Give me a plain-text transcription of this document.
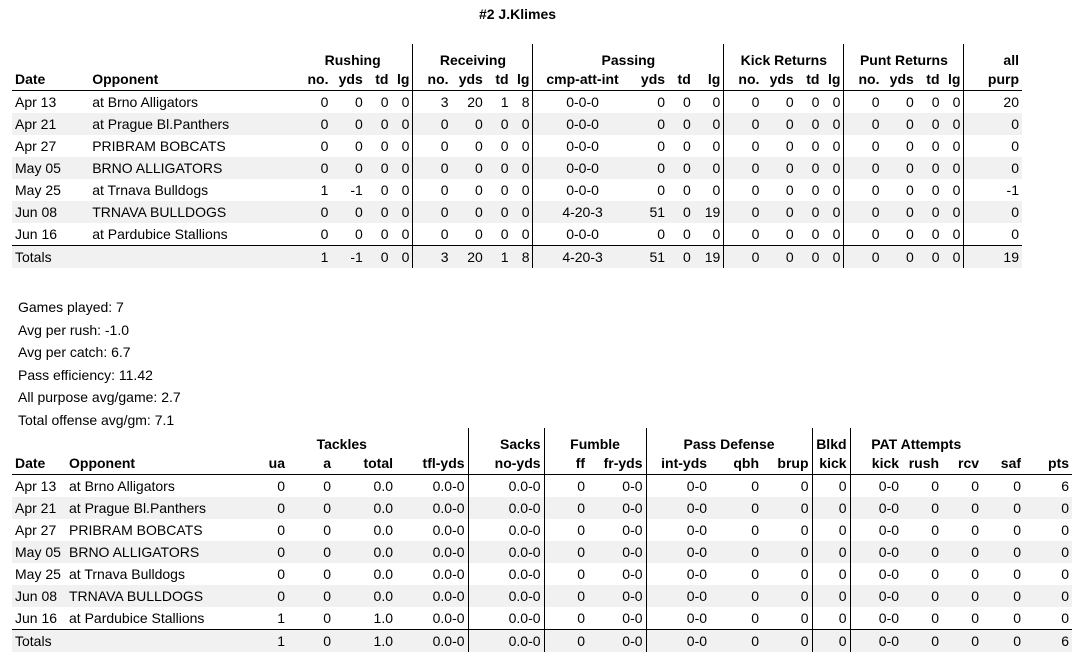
#2 J.Klimes
		Rushing				Receiving				Passing				Kick Returns				Punt Returns				all
Date	Opponent	no.	yds	td	lg	no.	yds	td	lg	cmp-att-int	yds	td	lg	no.	yds	td	lg	no.	yds	td	lg	purp
Apr 13	at Brno Alligators	0	0	0	0	3	20	1	8	0-0-0	0	0	0	0	0	0	0	0	0	0	0	20
Apr 21	at Prague Bl.Panthers	0	0	0	0	0	0	0	0	0-0-0	0	0	0	0	0	0	0	0	0	0	0	0
Apr 27	PRIBRAM BOBCATS	0	0	0	0	0	0	0	0	0-0-0	0	0	0	0	0	0	0	0	0	0	0	0
May 05	BRNO ALLIGATORS	0	0	0	0	0	0	0	0	0-0-0	0	0	0	0	0	0	0	0	0	0	0	0
May 25	at Trnava Bulldogs	1	-1	0	0	0	0	0	0	0-0-0	0	0	0	0	0	0	0	0	0	0	0	-1
Jun 08	TRNAVA BULLDOGS	0	0	0	0	0	0	0	0	4-20-3	51	0	19	0	0	0	0	0	0	0	0	0
Jun 16	at Pardubice Stallions	0	0	0	0	0	0	0	0	0-0-0	0	0	0	0	0	0	0	0	0	0	0	0
Totals		1	-1	0	0	3	20	1	8	4-20-3	51	0	19	0	0	0	0	0	0	0	0	19
Games played: 7
Avg per rush: -1.0
Avg per catch: 6.7
Pass efficiency: 11.42
All purpose avg/game: 2.7
Total offense avg/gm: 7.1
		Tackles				Sacks	Fumble		Pass Defense			Blkd	PAT Attempts				
Date	Opponent	ua	a	total	tfl-yds	no-yds	ff	fr-yds	int-yds	qbh	brup	kick	kick	rush	rcv	saf	pts
Apr 13	at Brno Alligators	0	0	0.0	0.0-0	0.0-0	0	0-0	0-0	0	0	0	0-0	0	0	0	6
Apr 21	at Prague Bl.Panthers	0	0	0.0	0.0-0	0.0-0	0	0-0	0-0	0	0	0	0-0	0	0	0	0
Apr 27	PRIBRAM BOBCATS	0	0	0.0	0.0-0	0.0-0	0	0-0	0-0	0	0	0	0-0	0	0	0	0
May 05	BRNO ALLIGATORS	0	0	0.0	0.0-0	0.0-0	0	0-0	0-0	0	0	0	0-0	0	0	0	0
May 25	at Trnava Bulldogs	0	0	0.0	0.0-0	0.0-0	0	0-0	0-0	0	0	0	0-0	0	0	0	0
Jun 08	TRNAVA BULLDOGS	0	0	0.0	0.0-0	0.0-0	0	0-0	0-0	0	0	0	0-0	0	0	0	0
Jun 16	at Pardubice Stallions	1	0	1.0	0.0-0	0.0-0	0	0-0	0-0	0	0	0	0-0	0	0	0	0
Totals		1	0	1.0	0.0-0	0.0-0	0	0-0	0-0	0	0	0	0-0	0	0	0	6
